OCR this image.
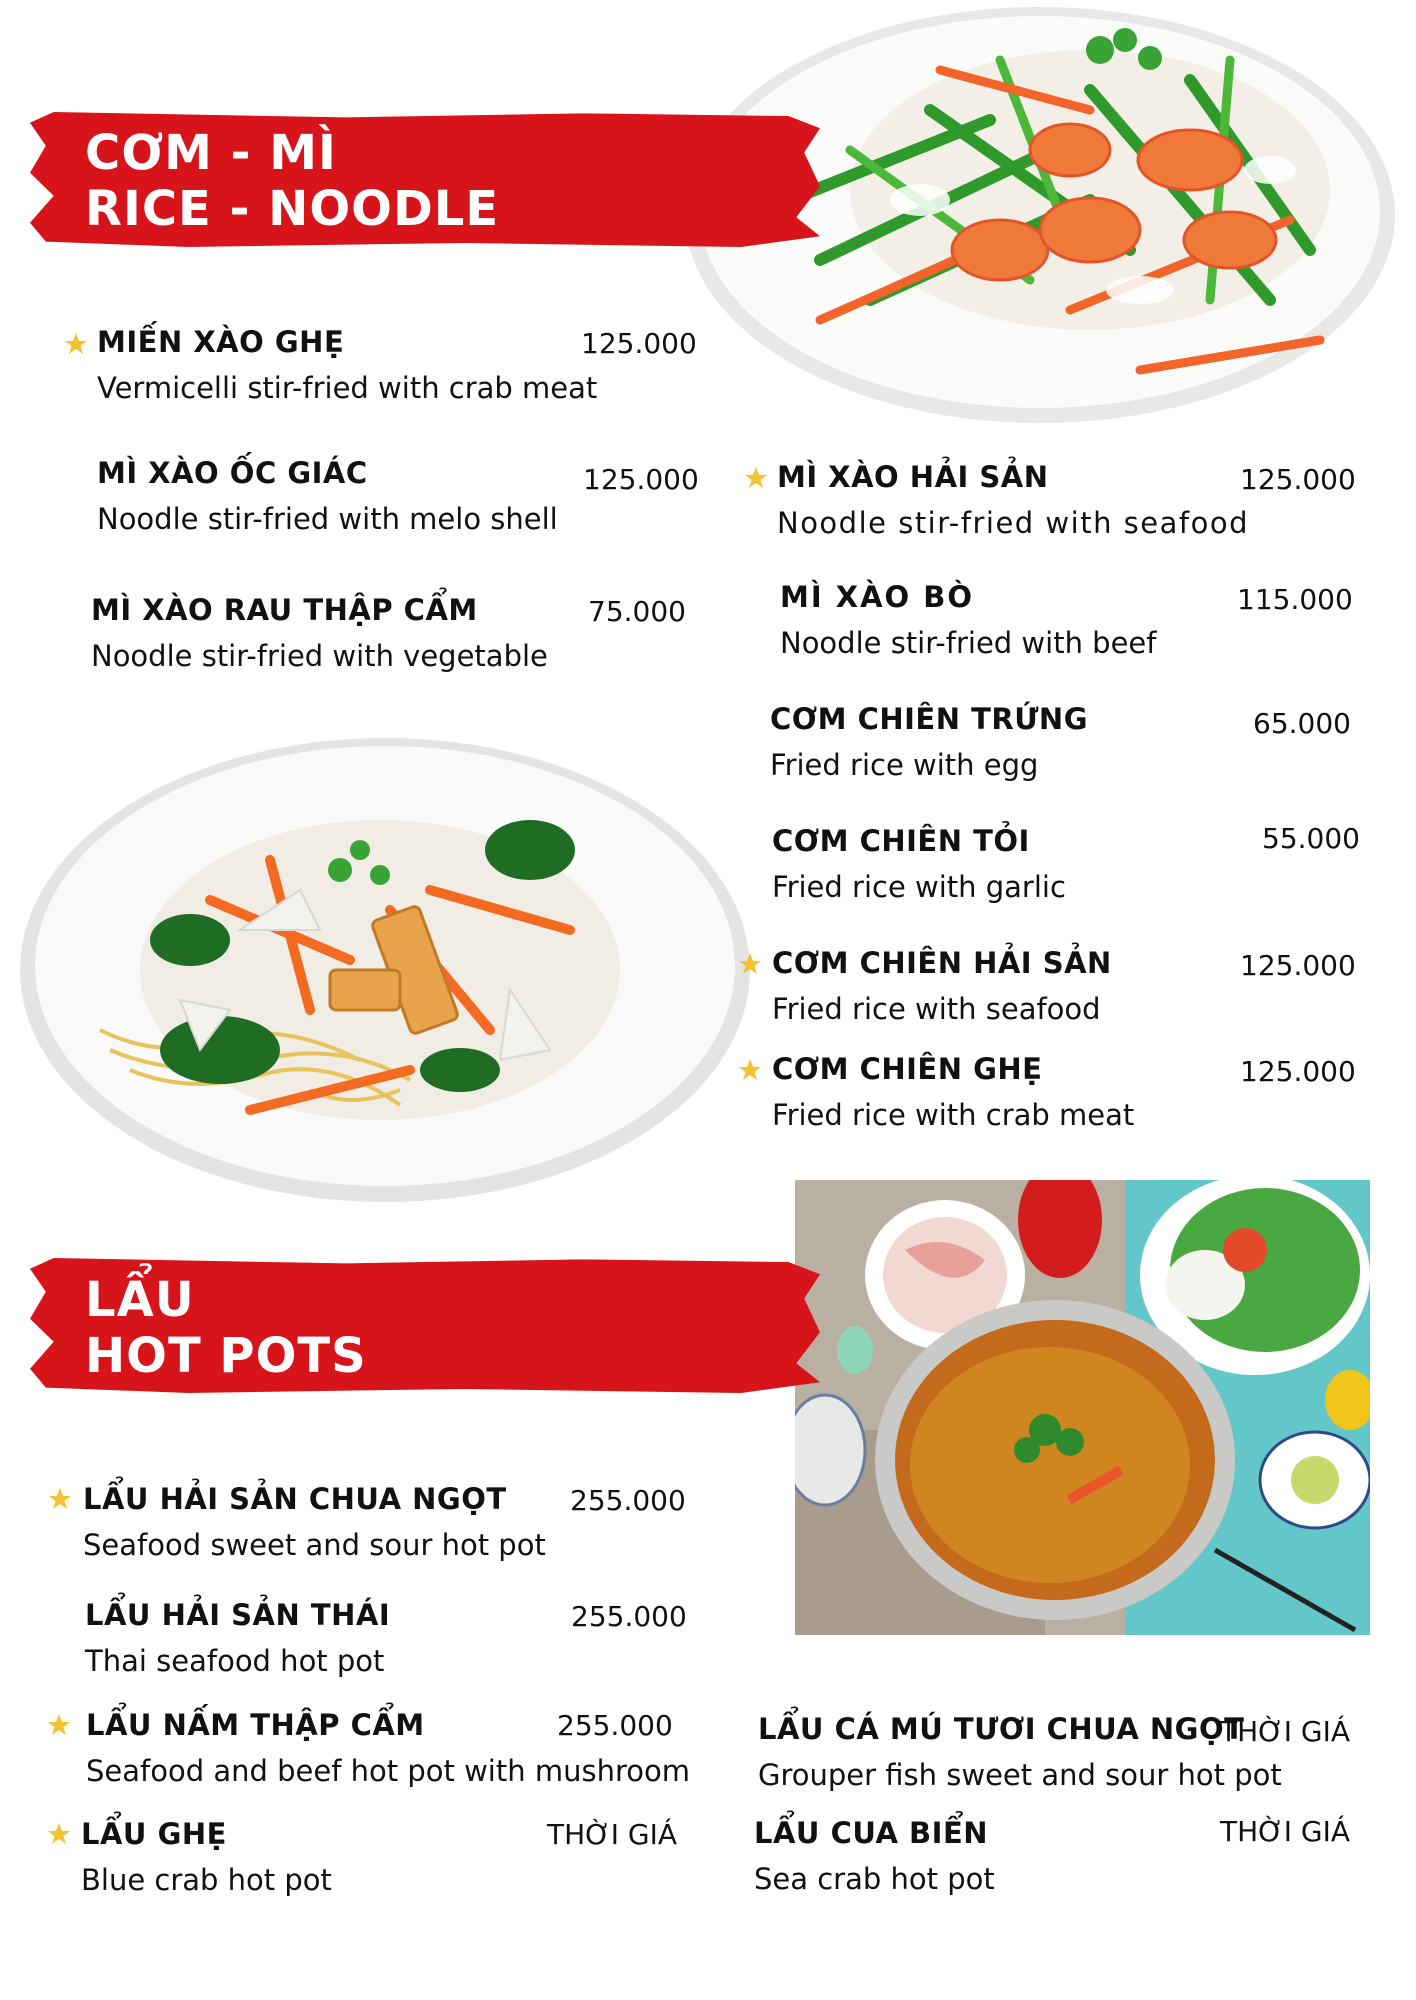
CƠM - MÌ
RICE - NOODLE
LẨU
HOT POTS
MIẾN XÀO GHẸ
Vermicelli stir-fried with crab meat
125.000
MÌ XÀO ỐC GIÁC
Noodle stir-fried with melo shell
125.000
MÌ XÀO RAU THẬP CẨM
Noodle stir-fried with vegetable
75.000
MÌ XÀO HẢI SẢN
Noodle stir-fried with seafood
125.000
MÌ XÀO BÒ
Noodle stir-fried with beef
115.000
CƠM CHIÊN TRỨNG
Fried rice with egg
65.000
CƠM CHIÊN TỎI
Fried rice with garlic
55.000
CƠM CHIÊN HẢI SẢN
Fried rice with seafood
125.000
CƠM CHIÊN GHẸ
Fried rice with crab meat
125.000
LẨU HẢI SẢN CHUA NGỌT
Seafood sweet and sour hot pot
255.000
LẨU HẢI SẢN THÁI
Thai seafood hot pot
255.000
LẨU NẤM THẬP CẨM
Seafood and beef hot pot with mushroom
255.000
LẨU GHẸ
Blue crab hot pot
THỜI GIÁ
LẨU CÁ MÚ TƯƠI CHUA NGỌT
Grouper fish sweet and sour hot pot
THỜI GIÁ
LẨU CUA BIỂN
Sea crab hot pot
THỜI GIÁ
